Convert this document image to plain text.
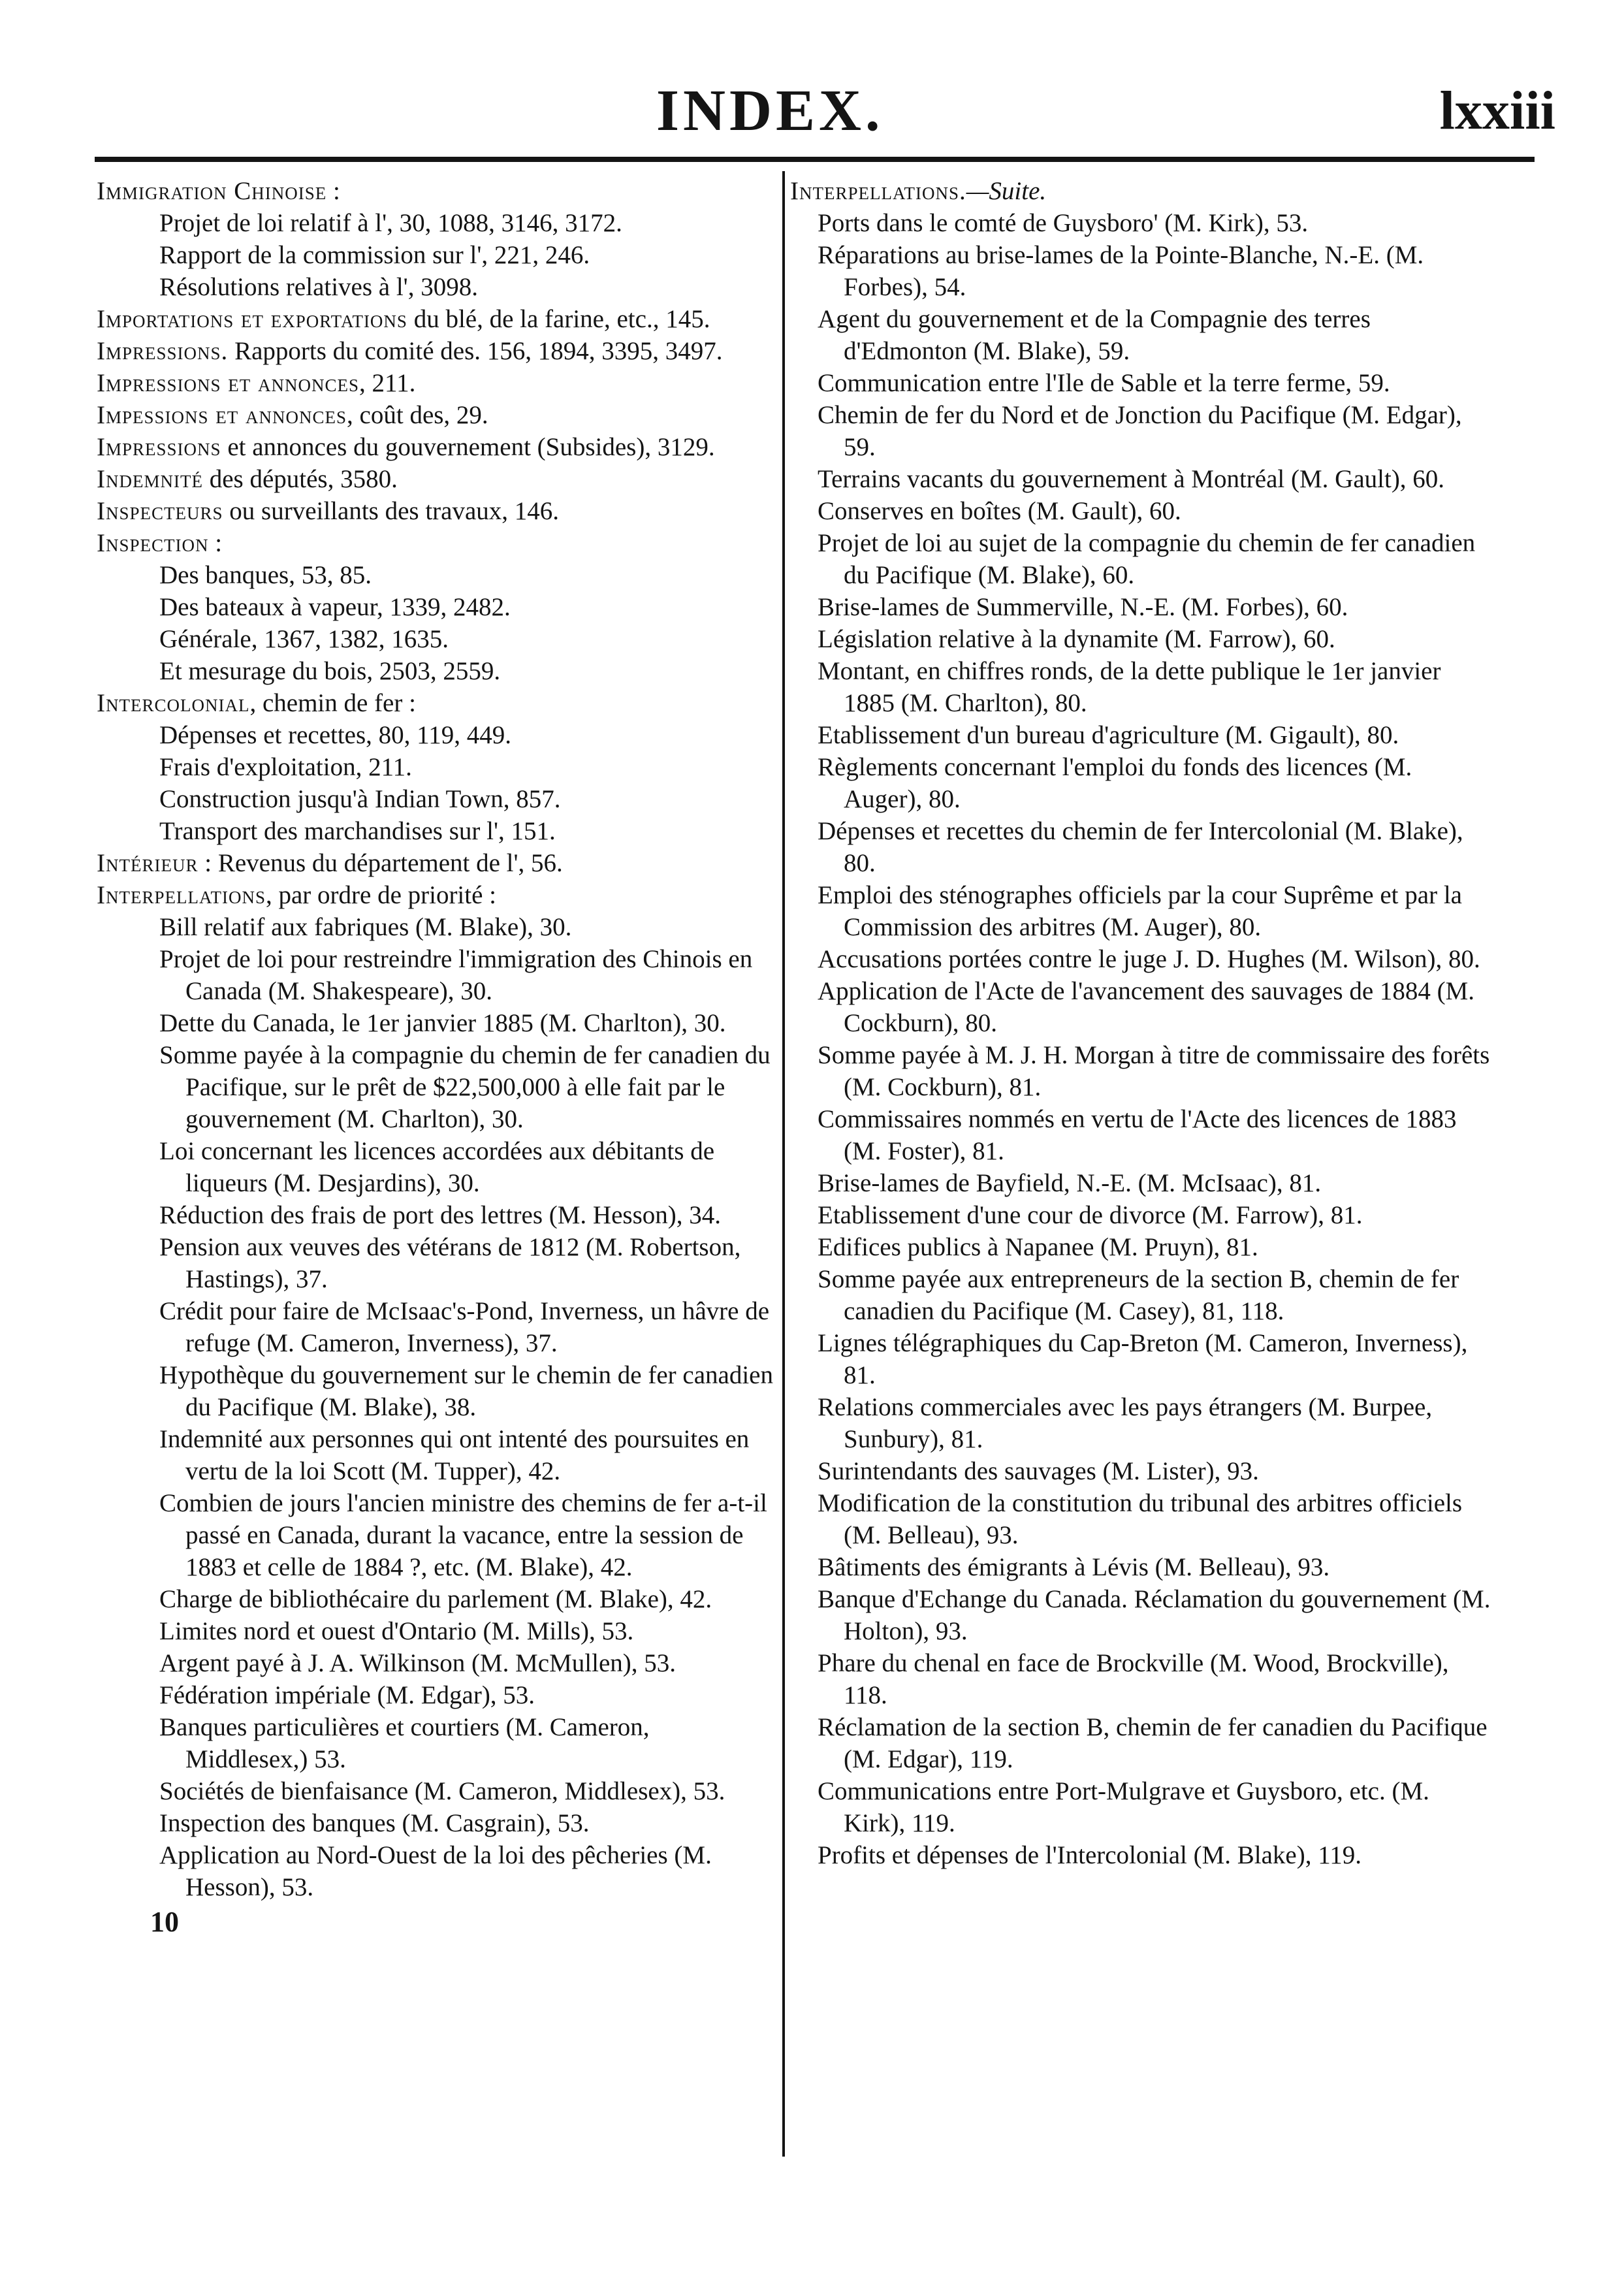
INDEX.	lxxiii
Immigration Chinoise :
Projet de loi relatif à l', 30, 1088, 3146, 3172.
Rapport de la commission sur l', 221, 246.
Résolutions relatives à l', 3098.
Importations et exportations du blé, de la farine, etc., 145.
Impressions. Rapports du comité des. 156, 1894, 3395, 3497.
Impressions et annonces, 211.
Impessions et annonces, coût des, 29.
Impressions et annonces du gouvernement (Subsides), 3129.
Indemnité des députés, 3580.
Inspecteurs ou surveillants des travaux, 146.
Inspection :
Des banques, 53, 85.
Des bateaux à vapeur, 1339, 2482.
Générale, 1367, 1382, 1635.
Et mesurage du bois, 2503, 2559.
Intercolonial, chemin de fer :
Dépenses et recettes, 80, 119, 449.
Frais d'exploitation, 211.
Construction jusqu'à Indian Town, 857.
Transport des marchandises sur l', 151.
Intérieur : Revenus du département de l', 56.
Interpellations, par ordre de priorité :
Bill relatif aux fabriques (M. Blake), 30.
Projet de loi pour restreindre l'immigration des Chinois en Canada (M. Shakespeare), 30.
Dette du Canada, le 1er janvier 1885 (M. Charlton), 30.
Somme payée à la compagnie du chemin de fer canadien du Pacifique, sur le prêt de $22,500,000 à elle fait par le gouvernement (M. Charlton), 30.
Loi concernant les licences accordées aux débitants de liqueurs (M. Desjardins), 30.
Réduction des frais de port des lettres (M. Hesson), 34.
Pension aux veuves des vétérans de 1812 (M. Robertson, Hastings), 37.
Crédit pour faire de McIsaac's-Pond, Inverness, un hâvre de refuge (M. Cameron, Inverness), 37.
Hypothèque du gouvernement sur le chemin de fer canadien du Pacifique (M. Blake), 38.
Indemnité aux personnes qui ont intenté des poursuites en vertu de la loi Scott (M. Tupper), 42.
Combien de jours l'ancien ministre des chemins de fer a-t-il passé en Canada, durant la vacance, entre la session de 1883 et celle de 1884 ?, etc. (M. Blake), 42.
Charge de bibliothécaire du parlement (M. Blake), 42.
Limites nord et ouest d'Ontario (M. Mills), 53.
Argent payé à J. A. Wilkinson (M. McMullen), 53.
Fédération impériale (M. Edgar), 53.
Banques particulières et courtiers (M. Cameron, Middlesex,) 53.
Sociétés de bienfaisance (M. Cameron, Middlesex), 53.
Inspection des banques (M. Casgrain), 53.
Application au Nord-Ouest de la loi des pêcheries (M. Hesson), 53.
10
Interpellations.—Suite.
Ports dans le comté de Guysboro' (M. Kirk), 53.
Réparations au brise-lames de la Pointe-Blanche, N.-E. (M. Forbes), 54.
Agent du gouvernement et de la Compagnie des terres d'Edmonton (M. Blake), 59.
Communication entre l'Ile de Sable et la terre ferme, 59.
Chemin de fer du Nord et de Jonction du Pacifique (M. Edgar), 59.
Terrains vacants du gouvernement à Montréal (M. Gault), 60.
Conserves en boîtes (M. Gault), 60.
Projet de loi au sujet de la compagnie du chemin de fer canadien du Pacifique (M. Blake), 60.
Brise-lames de Summerville, N.-E. (M. Forbes), 60.
Législation relative à la dynamite (M. Farrow), 60.
Montant, en chiffres ronds, de la dette publique le 1er janvier 1885 (M. Charlton), 80.
Etablissement d'un bureau d'agriculture (M. Gigault), 80.
Règlements concernant l'emploi du fonds des licences (M. Auger), 80.
Dépenses et recettes du chemin de fer Intercolonial (M. Blake), 80.
Emploi des sténographes officiels par la cour Suprême et par la Commission des arbitres (M. Auger), 80.
Accusations portées contre le juge J. D. Hughes (M. Wilson), 80.
Application de l'Acte de l'avancement des sauvages de 1884 (M. Cockburn), 80.
Somme payée à M. J. H. Morgan à titre de commissaire des forêts (M. Cockburn), 81.
Commissaires nommés en vertu de l'Acte des licences de 1883 (M. Foster), 81.
Brise-lames de Bayfield, N.-E. (M. McIsaac), 81.
Etablissement d'une cour de divorce (M. Farrow), 81.
Edifices publics à Napanee (M. Pruyn), 81.
Somme payée aux entrepreneurs de la section B, chemin de fer canadien du Pacifique (M. Casey), 81, 118.
Lignes télégraphiques du Cap-Breton (M. Cameron, Inverness), 81.
Relations commerciales avec les pays étrangers (M. Burpee, Sunbury), 81.
Surintendants des sauvages (M. Lister), 93.
Modification de la constitution du tribunal des arbitres officiels (M. Belleau), 93.
Bâtiments des émigrants à Lévis (M. Belleau), 93.
Banque d'Echange du Canada. Réclamation du gouvernement (M. Holton), 93.
Phare du chenal en face de Brockville (M. Wood, Brockville), 118.
Réclamation de la section B, chemin de fer canadien du Pacifique (M. Edgar), 119.
Communications entre Port-Mulgrave et Guysboro, etc. (M. Kirk), 119.
Profits et dépenses de l'Intercolonial (M. Blake), 119.
